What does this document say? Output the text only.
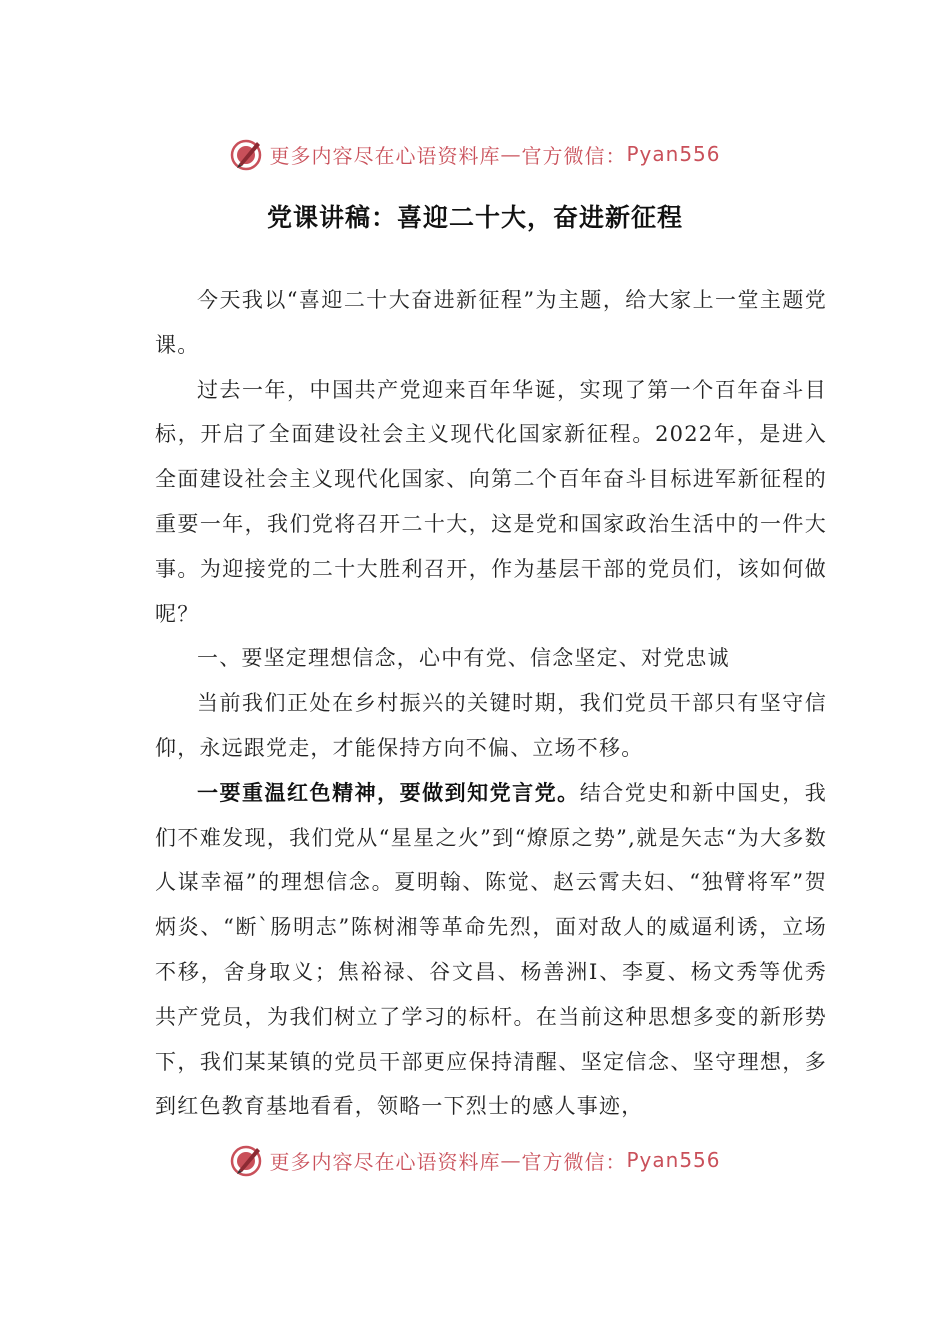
更多内容尽在心语资料库 — 官方微信： Pyan556
党课讲稿：喜迎二十大，奋进新征程

今天我以“喜迎二十大奋进新征程”为主题，给大家上一堂主题党课。

过去一年，中国共产党迎来百年华诞，实现了第一个百年奋斗目标，开启了全面建设社会主义现代化国家新征程。2022年，是进入全面建设社会主义现代化国家、向第二个百年奋斗目标进军新征程的重要一年，我们党将召开二十大，这是党和国家政治生活中的一件大事。为迎接党的二十大胜利召开，作为基层干部的党员们，该如何做呢？

一、要坚定理想信念，心中有党、信念坚定、对党忠诚

当前我们正处在乡村振兴的关键时期，我们党员干部只有坚守信仰，永远跟党走，才能保持方向不偏、立场不移。

一要重温红色精神，要做到知党言党。结合党史和新中国史，我们不难发现，我们党从“星星之火”到“燎原之势”,就是矢志“为大多数人谋幸福”的理想信念。夏明翰、陈觉、赵云霄夫妇、“独臂将军”贺炳炎、“断`肠明志”陈树湘等革命先烈，面对敌人的威逼利诱，立场不移，舍身取义；焦裕禄、谷文昌、杨善洲I、李夏、杨文秀等优秀共产党员，为我们树立了学习的标杆。在当前这种思想多变的新形势下，我们某某镇的党员干部更应保持清醒、坚定信念、坚守理想，多到红色教育基地看看，领略一下烈士的感人事迹，

更多内容尽在心语资料库 — 官方微信： Pyan556
